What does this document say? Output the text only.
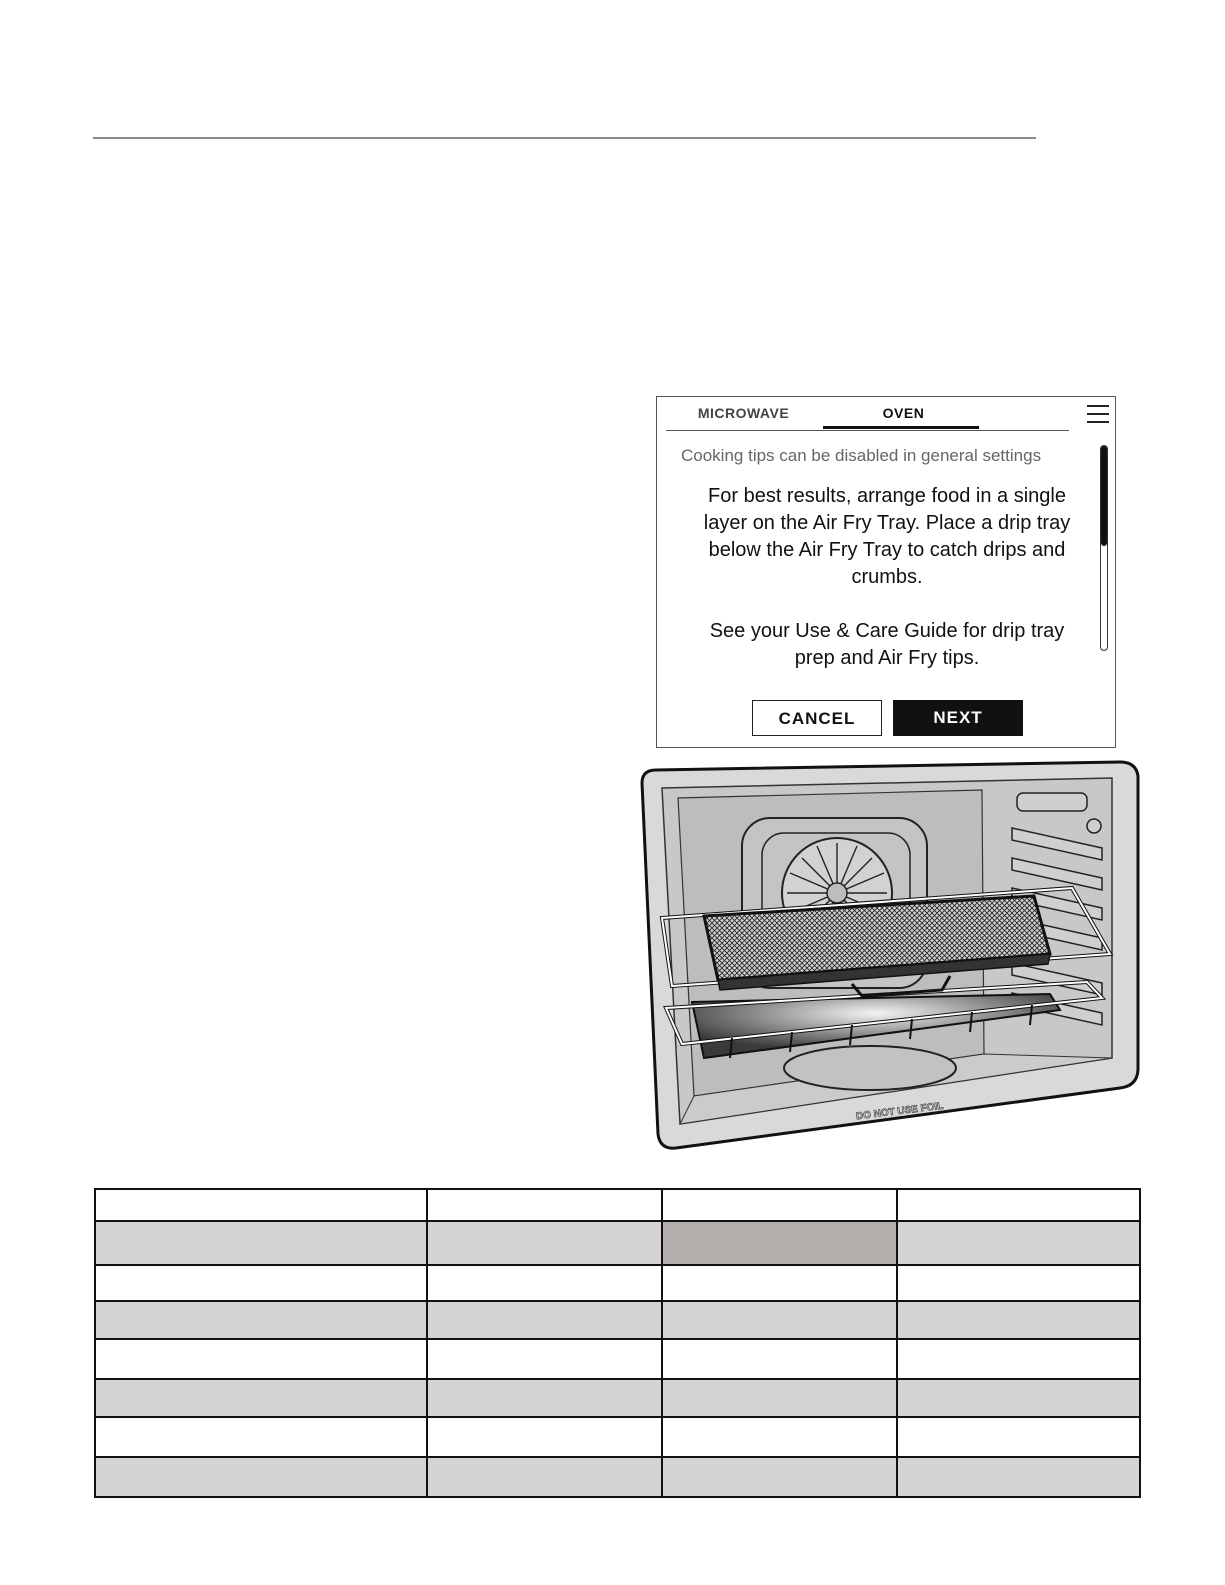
MICROWAVE	OVEN
Cooking tips can be disabled in general settings
For best results, arrange food in a single layer on the Air Fry Tray. Place a drip tray below the Air Fry Tray to catch drips and crumbs.
See your Use & Care Guide for drip tray prep and Air Fry tips.
CANCEL	NEXT
DO NOT USE FOIL
